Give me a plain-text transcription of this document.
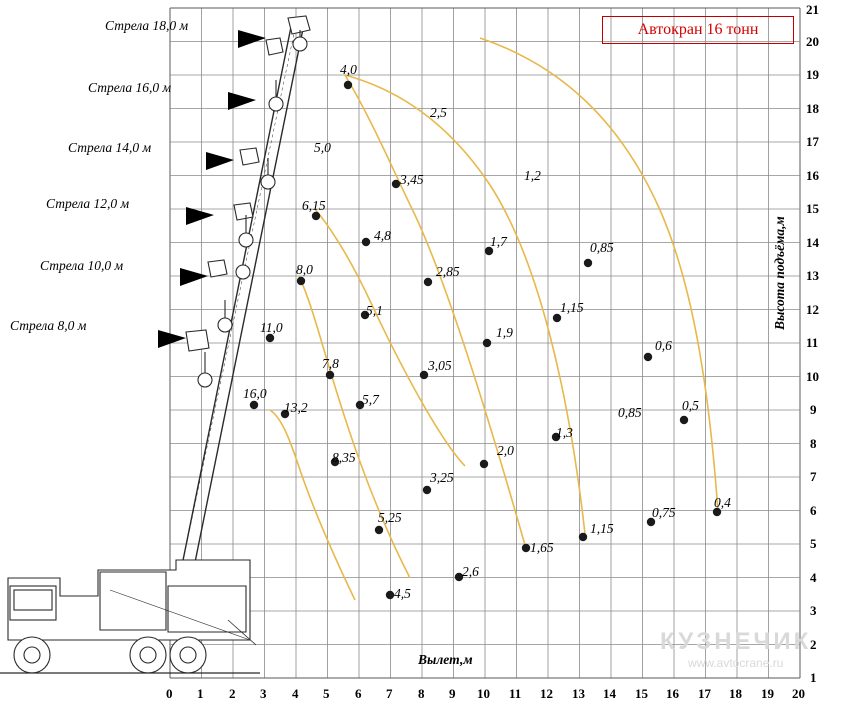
Автокран 16 тонн
Высота подъёма,м
Вылет,м
Стрела 18,0 м
Стрела 16,0 м
Стрела 14,0 м
Стрела 12,0 м
Стрела 10,0 м
Стрела 8,0 м
4,0
2,5
5,0
3,45	1,2
6,15
4,8	1,7	0,85
8,0	2,85
1,15
5,1
1,9
0,6
11,0
7,8	3,05
0,85	0,5
16,0
13,2
5,7
1,3
8,35	2,0
3,25
5,25
1,65
1,15
0,75
0,4
4,5
2,6
0 1 2 3 4 5 6 7 8 9 10 11 12 13 14 15 16 17 18 19 20
1
2
3
4
5
6
7
8
9
10
11
12
13
14
15
16
17
18
19
20
21
КУЗНЕЧИК
www.avtocrane.ru
